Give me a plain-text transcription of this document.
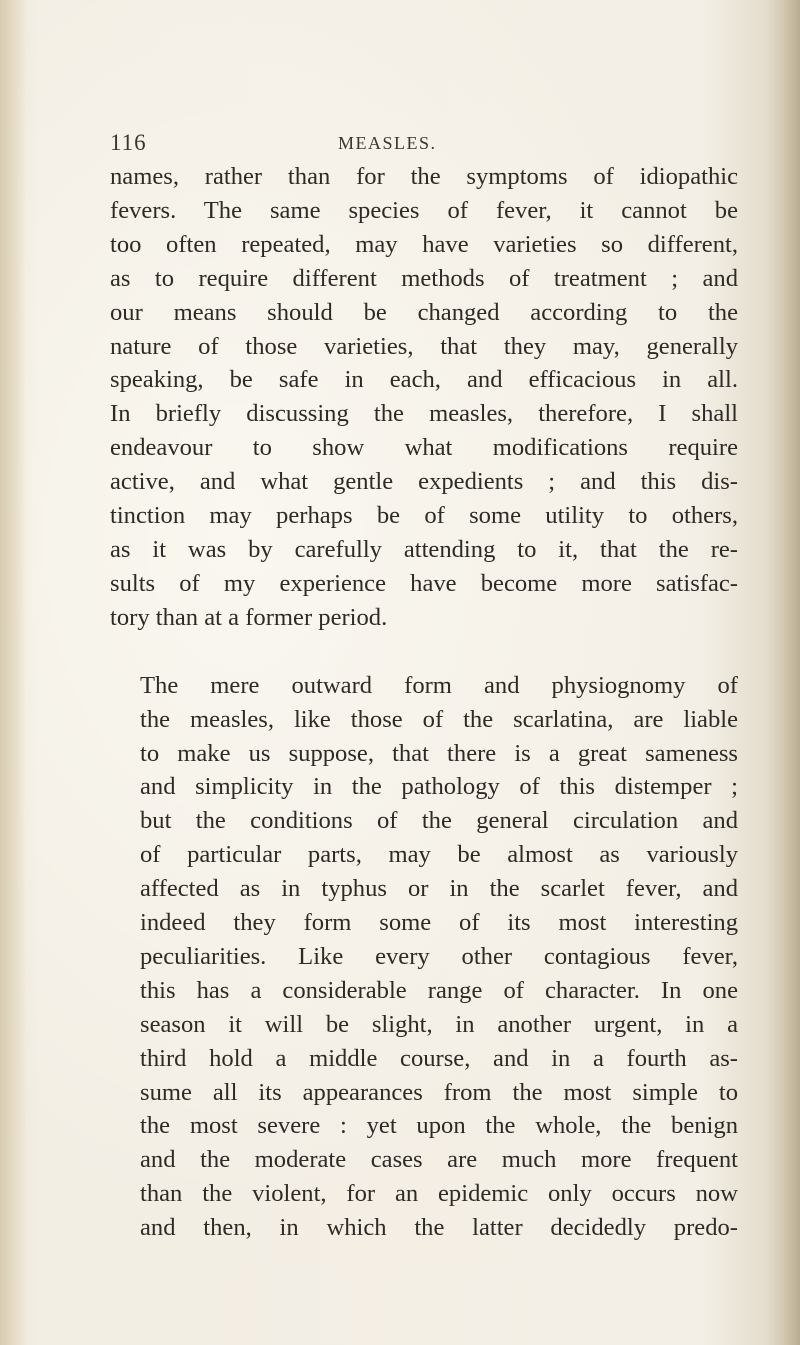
116	MEASLES.

names, rather than for the symptoms of idiopathic
fevers. The same species of fever, it cannot be
too often repeated, may have varieties so different,
as to require different methods of treatment ; and
our means should be changed according to the
nature of those varieties, that they may, generally
speaking, be safe in each, and efficacious in all.
In briefly discussing the measles, therefore, I shall
endeavour to show what modifications require
active, and what gentle expedients ; and this dis-
tinction may perhaps be of some utility to others,
as it was by carefully attending to it, that the re-
sults of my experience have become more satisfac-
tory than at a former period.

The mere outward form and physiognomy of
the measles, like those of the scarlatina, are liable
to make us suppose, that there is a great sameness
and simplicity in the pathology of this distemper ;
but the conditions of the general circulation and
of particular parts, may be almost as variously
affected as in typhus or in the scarlet fever, and
indeed they form some of its most interesting
peculiarities. Like every other contagious fever,
this has a considerable range of character. In one
season it will be slight, in another urgent, in a
third hold a middle course, and in a fourth as-
sume all its appearances from the most simple to
the most severe : yet upon the whole, the benign
and the moderate cases are much more frequent
than the violent, for an epidemic only occurs now
and then, in which the latter decidedly predo-
